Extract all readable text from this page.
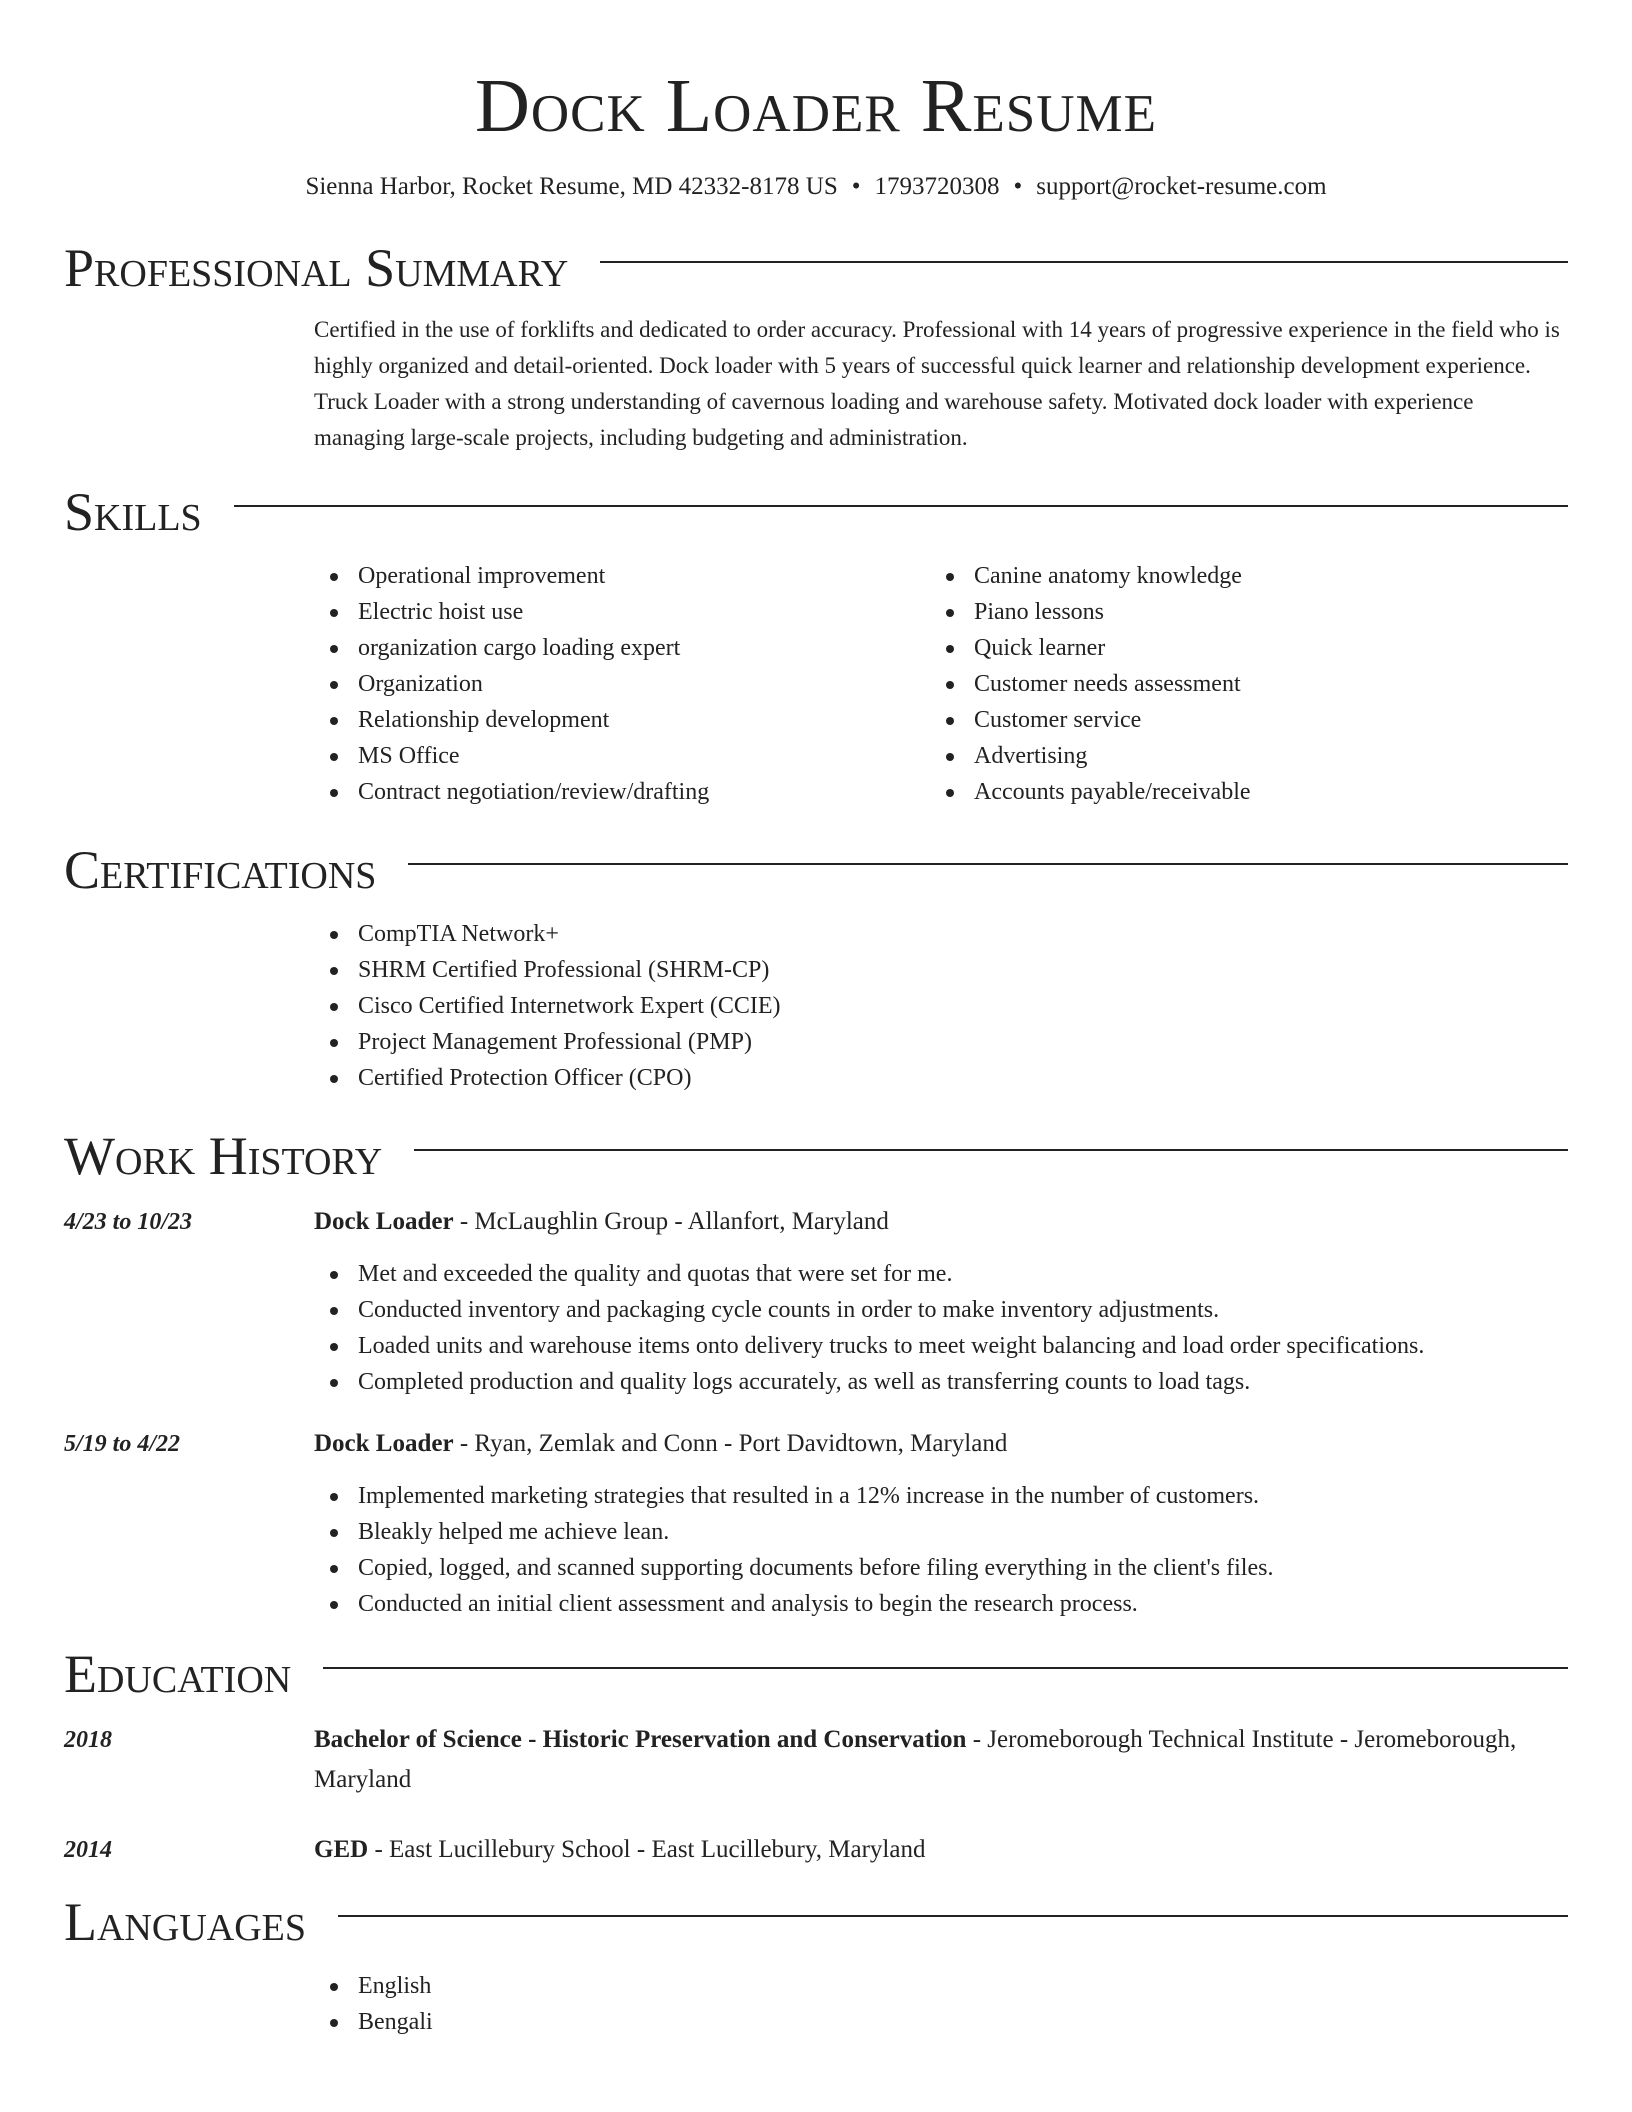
Dock Loader Resume
Sienna Harbor, Rocket Resume, MD 42332-8178 US • 1793720308 • support@rocket-resume.com
Professional Summary

Certified in the use of forklifts and dedicated to order accuracy. Professional with 14 years of progressive experience in the field who is highly organized and detail-oriented. Dock loader with 5 years of successful quick learner and relationship development experience. Truck Loader with a strong understanding of cavernous loading and warehouse safety. Motivated dock loader with experience managing large-scale projects, including budgeting and administration.

Skills
Operational improvement
Electric hoist use
organization cargo loading expert
Organization
Relationship development
MS Office
Contract negotiation/review/drafting
Canine anatomy knowledge
Piano lessons
Quick learner
Customer needs assessment
Customer service
Advertising
Accounts payable/receivable
Certifications
CompTIA Network+
SHRM Certified Professional (SHRM-CP)
Cisco Certified Internetwork Expert (CCIE)
Project Management Professional (PMP)
Certified Protection Officer (CPO)
Work History
4/23 to 10/23	Dock Loader - McLaughlin Group - Allanfort, Maryland
Met and exceeded the quality and quotas that were set for me.
Conducted inventory and packaging cycle counts in order to make inventory adjustments.
Loaded units and warehouse items onto delivery trucks to meet weight balancing and load order specifications.
Completed production and quality logs accurately, as well as transferring counts to load tags.
5/19 to 4/22	Dock Loader - Ryan, Zemlak and Conn - Port Davidtown, Maryland
Implemented marketing strategies that resulted in a 12% increase in the number of customers.
Bleakly helped me achieve lean.
Copied, logged, and scanned supporting documents before filing everything in the client's files.
Conducted an initial client assessment and analysis to begin the research process.
Education
2018	Bachelor of Science - Historic Preservation and Conservation - Jeromeborough Technical Institute - Jeromeborough, Maryland
2014	GED - East Lucillebury School - East Lucillebury, Maryland
Languages
English
Bengali
